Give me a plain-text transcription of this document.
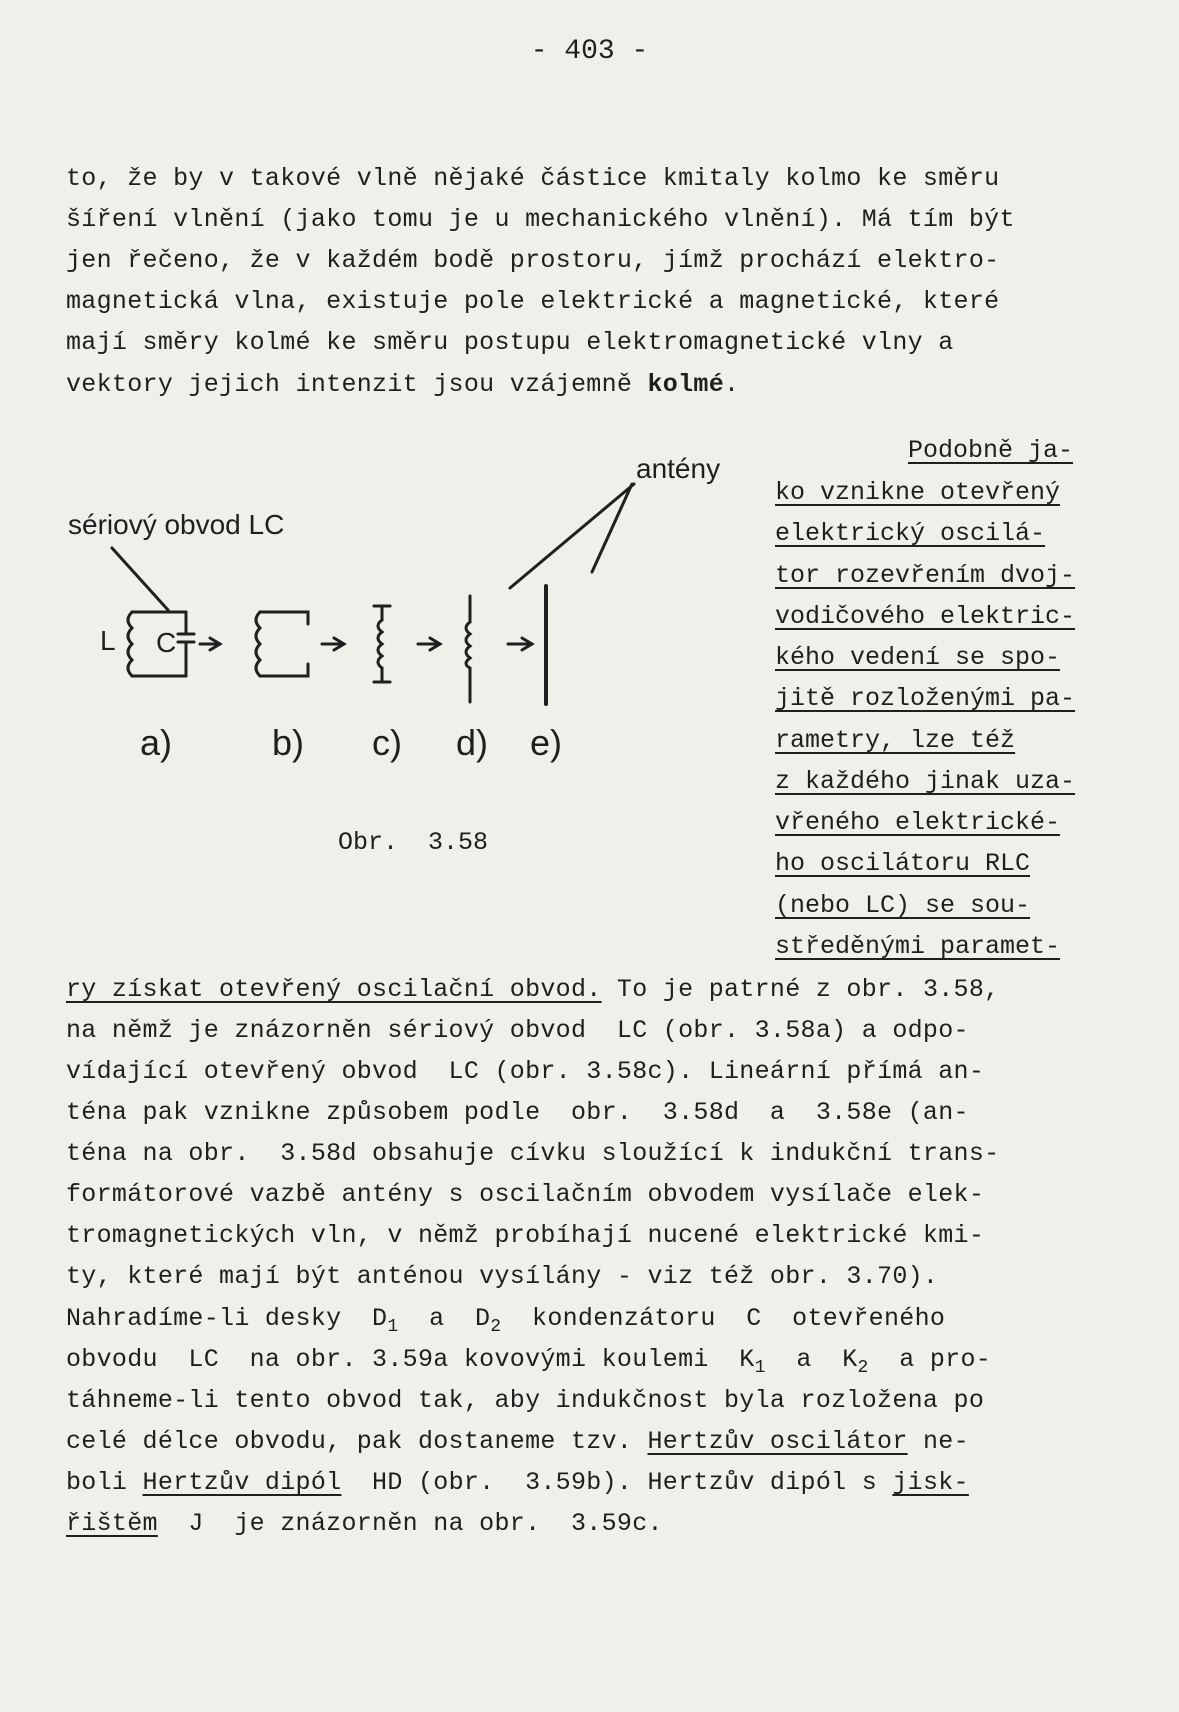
- 403 -
to, že by v takové vlně nějaké částice kmitaly kolmo ke směru
šíření vlnění (jako tomu je u mechanického vlnění). Má tím být
jen řečeno, že v každém bodě prostoru, jímž prochází elektro-
magnetická vlna, existuje pole elektrické a magnetické, které
mají směry kolmé ke směru postupu elektromagnetické vlny a
vektory jejich intenzit jsou vzájemně kolmé.
antény
sériový obvod LC
L C
a)	b) c) d) e)
Obr.  3.58
Podobně ja-
ko vznikne otevřený
elektrický oscilá-
tor rozevřením dvoj-
vodičového elektric-
kého vedení se spo-
jitě rozloženými pa-
rametry, lze též
z každého jinak uza-
vřeného elektrické-
ho oscilátoru RLC
(nebo LC) se sou-
středěnými paramet-
ry získat otevřený oscilační obvod. To je patrné z obr. 3.58,
na němž je znázorněn sériový obvod  LC (obr. 3.58a) a odpo-
vídající otevřený obvod  LC (obr. 3.58c). Lineární přímá an-
téna pak vznikne způsobem podle  obr.  3.58d  a  3.58e (an-
téna na obr.  3.58d obsahuje cívku sloužící k indukční trans-
formátorové vazbě antény s oscilačním obvodem vysílače elek-
tromagnetických vln, v němž probíhají nucené elektrické kmi-
ty, které mají být anténou vysílány - viz též obr. 3.70).
Nahradíme-li desky  $D_1$  a  $D_2$  kondenzátoru  C  otevřeného
obvodu  LC  na obr. 3.59a kovovými koulemi  $K_1$  a  $K_2$  a pro-
táhneme-li tento obvod tak, aby indukčnost byla rozložena po
celé délce obvodu, pak dostaneme tzv. Hertzův oscilátor ne-
boli Hertzův dipól  HD (obr.  3.59b). Hertzův dipól s jisk-
řištěm  J  je znázorněn na obr.  3.59c.
